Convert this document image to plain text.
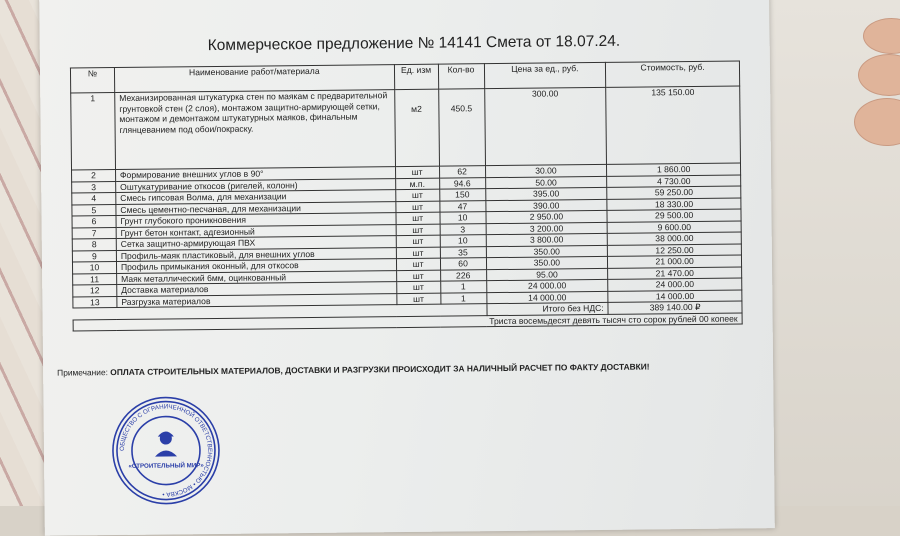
Коммерческое предложение № 14141 Смета от 18.07.24.
№	Наименование работ/материала	Ед. изм	Кол-во	Цена за ед., руб.	Стоимость, руб.
1	Механизированная штукатурка стен по маякам с предварительной грунтовкой стен (2 слоя), монтажом защитно-армирующей сетки, монтажом и демонтажом штукатурных маяков, финальным глянцеванием под обои/покраску.	м2	450.5	300.00	135 150.00
2	Формирование внешних углов в 90°	шт	62	30.00	1 860.00
3	Оштукатуривание откосов (ригелей, колонн)	м.п.	94.6	50.00	4 730.00
4	Смесь гипсовая Волма, для механизации	шт	150	395.00	59 250.00
5	Смесь цементно-песчаная, для механизации	шт	47	390.00	18 330.00
6	Грунт глубокого проникновения	шт	10	2 950.00	29 500.00
7	Грунт бетон контакт, адгезионный	шт	3	3 200.00	9 600.00
8	Сетка защитно-армирующая ПВХ	шт	10	3 800.00	38 000.00
9	Профиль-маяк пластиковый, для внешних углов	шт	35	350.00	12 250.00
10	Профиль примыкания оконный, для откосов	шт	60	350.00	21 000.00
11	Маяк металлический 6мм, оцинкованный	шт	226	95.00	21 470.00
12	Доставка материалов	шт	1	24 000.00	24 000.00
13	Разгрузка материалов	шт	1	14 000.00	14 000.00
				Итого без НДС:	389 140.00 ₽
Триста восемьдесят девять тысяч сто сорок рублей 00 копеек					
Примечание: ОПЛАТА СТРОИТЕЛЬНЫХ МАТЕРИАЛОВ, ДОСТАВКИ И РАЗГРУЗКИ ПРОИСХОДИТ ЗА НАЛИЧНЫЙ РАСЧЕТ ПО ФАКТУ ДОСТАВКИ!
ОБЩЕСТВО С ОГРАНИЧЕННОЙ ОТВЕТСТВЕННОСТЬЮ • МОСКВА •
«СТРОИТЕЛЬНЫЙ МИР»
